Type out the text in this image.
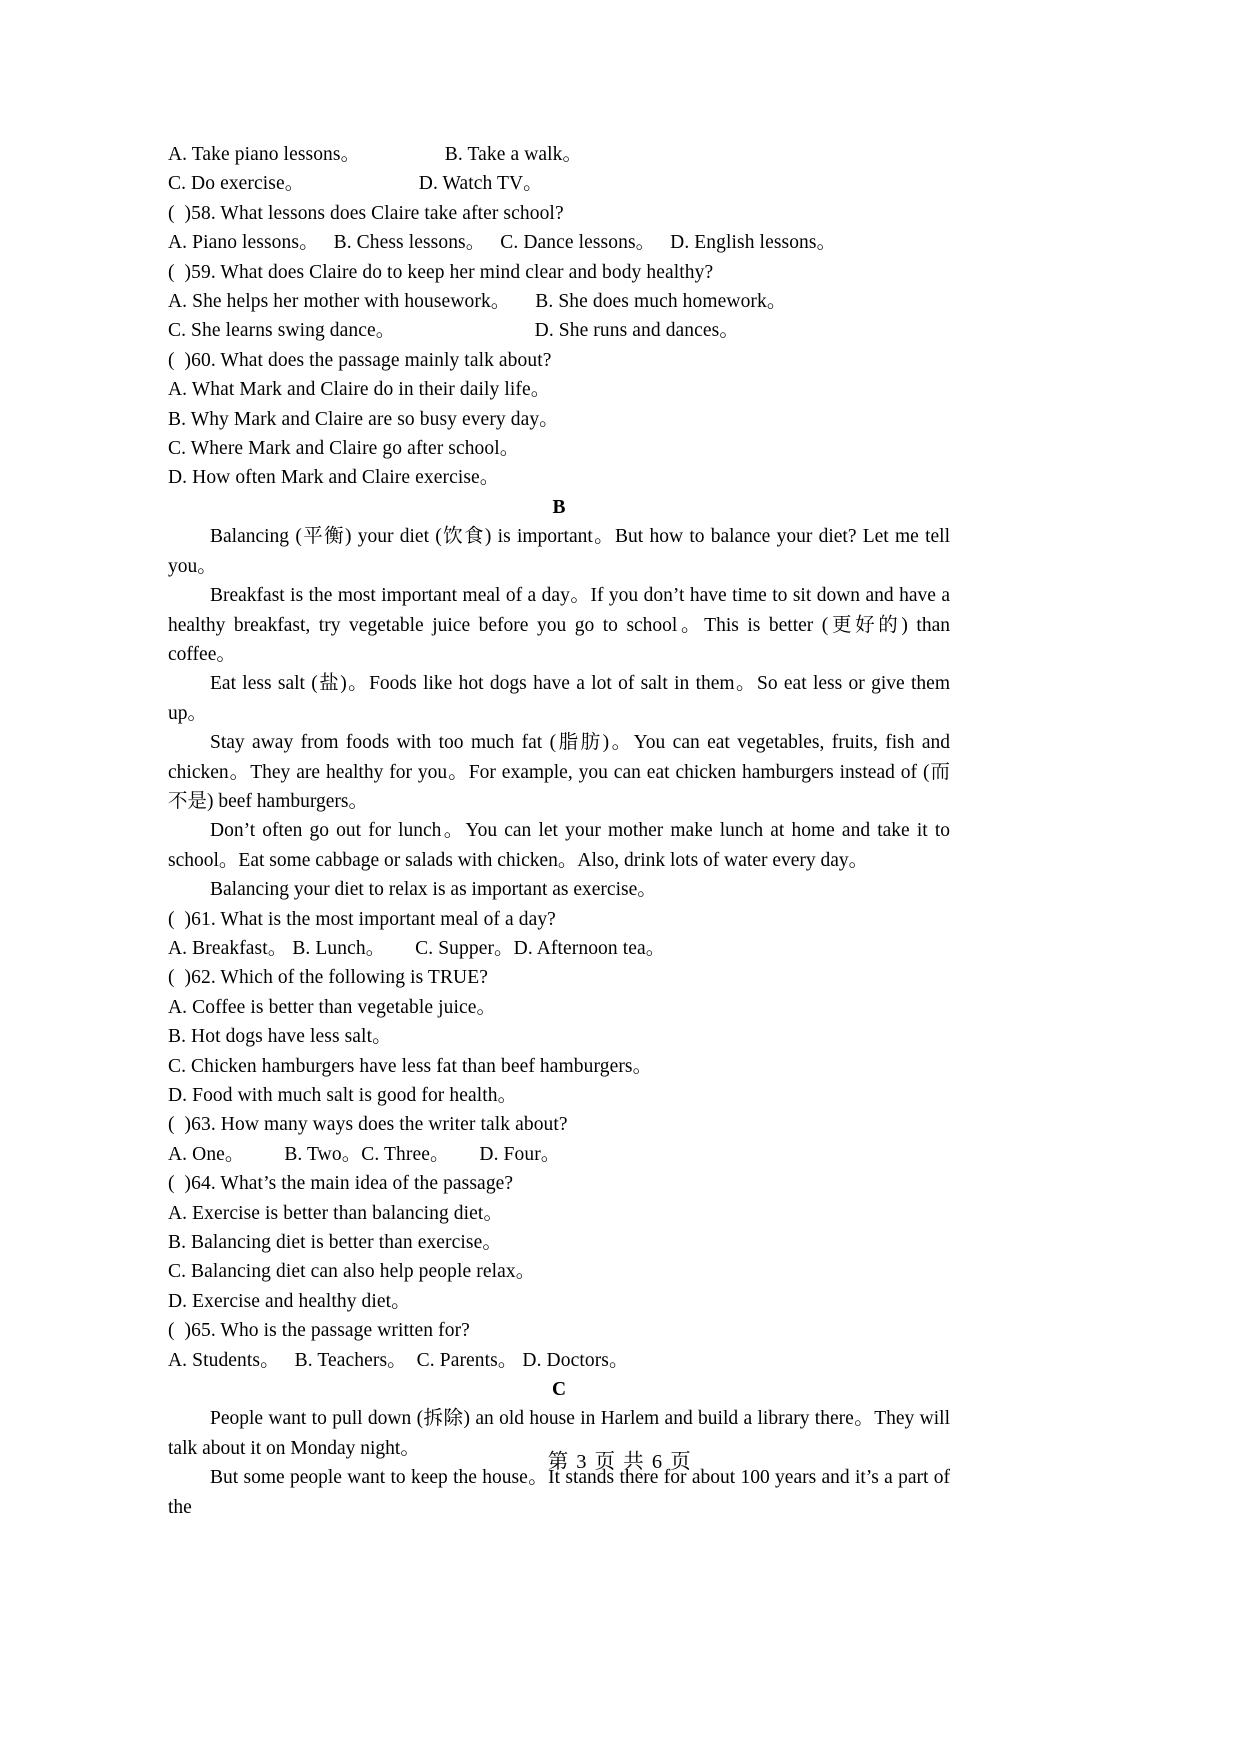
A. Take piano lessons。                 B. Take a walk。
C. Do exercise。                       D. Watch TV。
(  )58. What lessons does Claire take after school?
A. Piano lessons。   B. Chess lessons。   C. Dance lessons。   D. English lessons。
(  )59. What does Claire do to keep her mind clear and body healthy?
A. She helps her mother with housework。     B. She does much homework。
C. She learns swing dance。                            D. She runs and dances。
(  )60. What does the passage mainly talk about?
A. What Mark and Claire do in their daily life。
B. Why Mark and Claire are so busy every day。
C. Where Mark and Claire go after school。
D. How often Mark and Claire exercise。
B

Balancing (平衡) your diet (饮食) is important。But how to balance your diet? Let me tell you。

Breakfast is the most important meal of a day。If you don’t have time to sit down and have a healthy breakfast, try vegetable juice before you go to school。This is better (更好的) than coffee。

Eat less salt (盐)。Foods like hot dogs have a lot of salt in them。So eat less or give them up。

Stay away from foods with too much fat (脂肪)。You can eat vegetables, fruits, fish and chicken。They are healthy for you。For example, you can eat chicken hamburgers instead of (而不是) beef hamburgers。

Don’t often go out for lunch。You can let your mother make lunch at home and take it to school。Eat some cabbage or salads with chicken。Also, drink lots of water every day。

Balancing your diet to relax is as important as exercise。

(  )61. What is the most important meal of a day?
A. Breakfast。 B. Lunch。      C. Supper。D. Afternoon tea。
(  )62. Which of the following is TRUE?
A. Coffee is better than vegetable juice。
B. Hot dogs have less salt。
C. Chicken hamburgers have less fat than beef hamburgers。
D. Food with much salt is good for health。
(  )63. How many ways does the writer talk about?
A. One。        B. Two。C. Three。      D. Four。
(  )64. What’s the main idea of the passage?
A. Exercise is better than balancing diet。
B. Balancing diet is better than exercise。
C. Balancing diet can also help people relax。
D. Exercise and healthy diet。
(  )65. Who is the passage written for?
A. Students。   B. Teachers。  C. Parents。 D. Doctors。
C

People want to pull down (拆除) an old house in Harlem and build a library there。They will talk about it on Monday night。

But some people want to keep the house。It stands there for about 100 years and it’s a part of the

第 3 页 共 6 页
